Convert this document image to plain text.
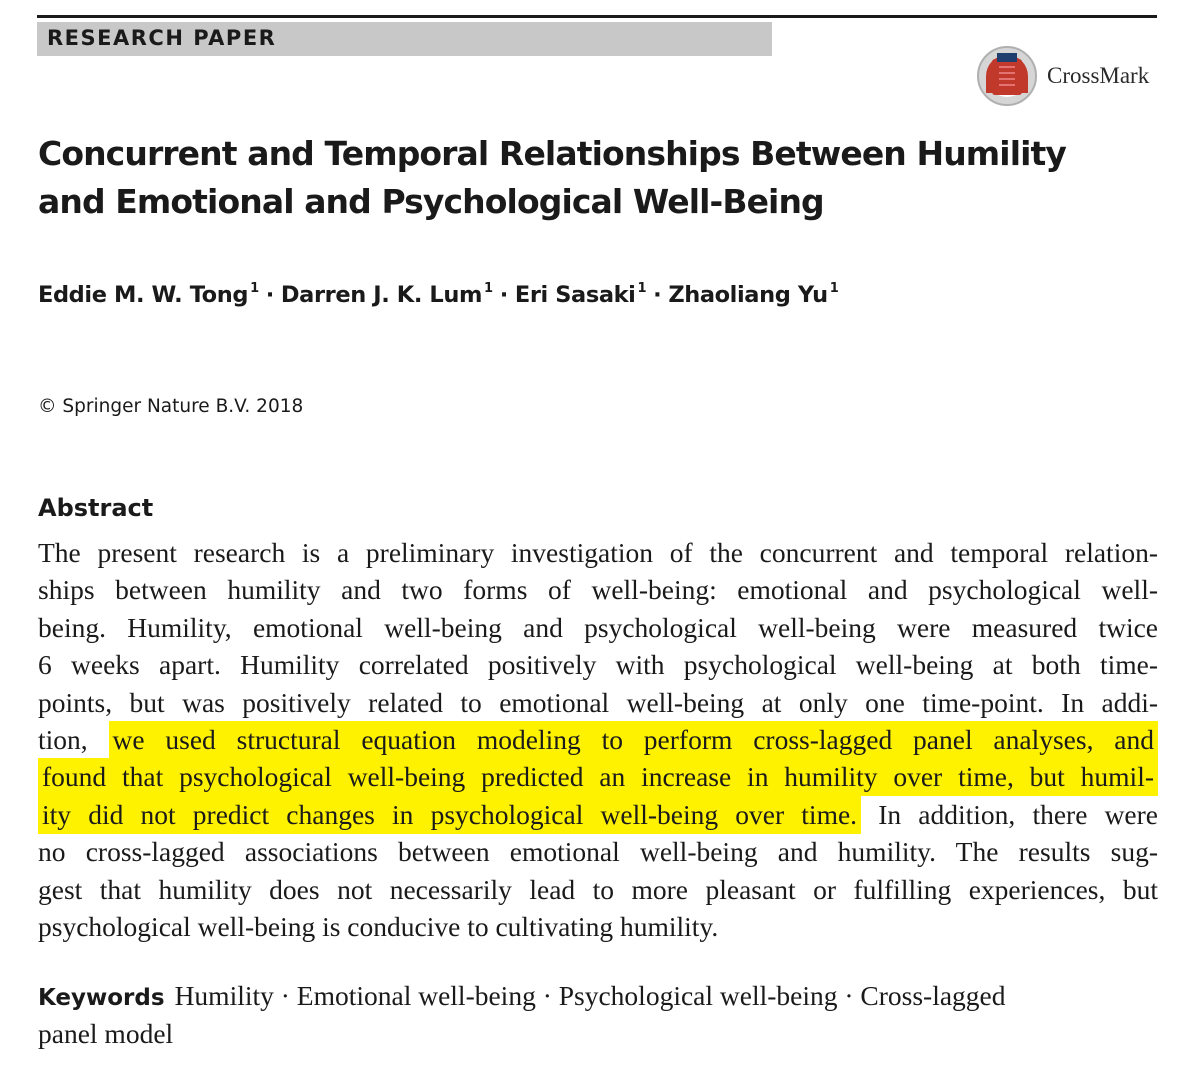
RESEARCH PAPER
CrossMark
Concurrent and Temporal Relationships Between Humility
and Emotional and Psychological Well-Being
Eddie M. W. Tong $^1$ · Darren J. K. Lum $^1$ · Eri Sasaki $^1$ · Zhaoliang Yu $^1$
© Springer Nature B.V. 2018
Abstract
The present research is a preliminary investigation of the concurrent and temporal relation-
ships between humility and two forms of well-being: emotional and psychological well-
being. Humility, emotional well-being and psychological well-being were measured twice
6 weeks apart. Humility correlated positively with psychological well-being at both time-
points, but was positively related to emotional well-being at only one time-point. In addi-
tion, we used structural equation modeling to perform cross-lagged panel analyses, and
found that psychological well-being predicted an increase in humility over time, but humil-
ity did not predict changes in psychological well-being over time. In addition, there were
no cross-lagged associations between emotional well-being and humility. The results sug-
gest that humility does not necessarily lead to more pleasant or fulfilling experiences, but
psychological well-being is conducive to cultivating humility.
Keywords Humility · Emotional well-being · Psychological well-being · Cross-lagged
panel model
